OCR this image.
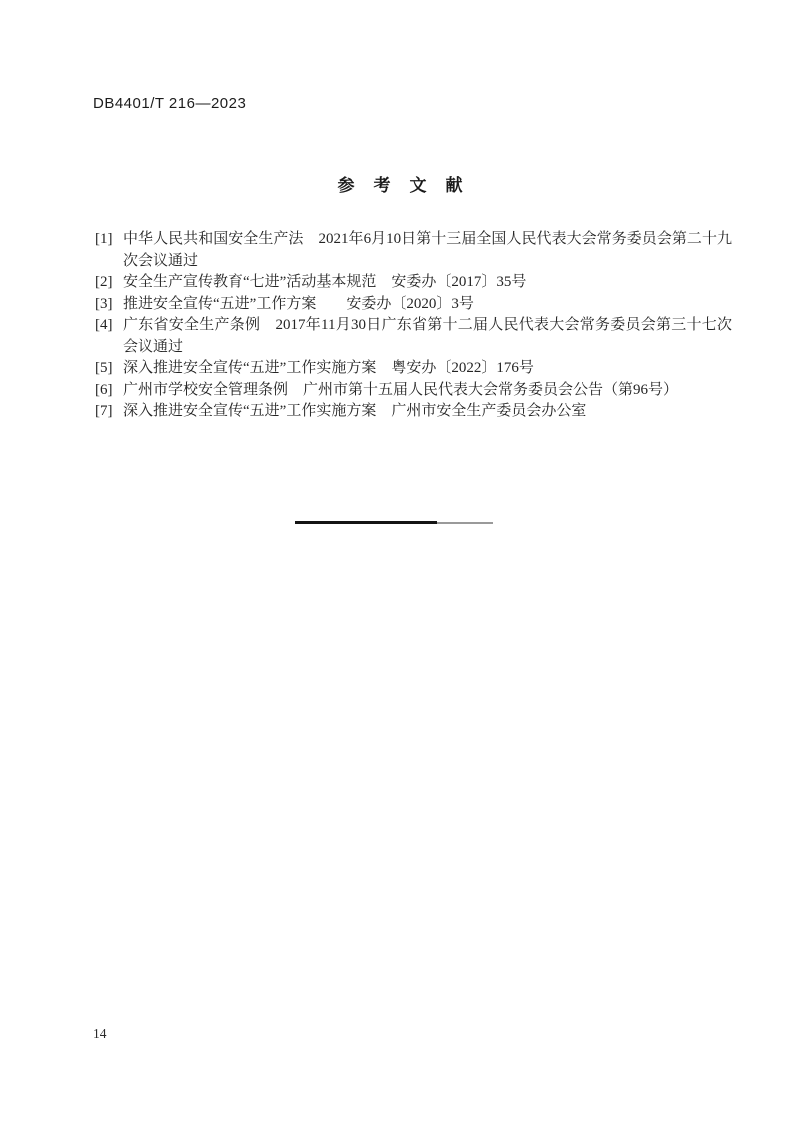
DB4401/T 216—2023
参考文献
[1] 中华人民共和国安全生产法　2021年6月10日第十三届全国人民代表大会常务委员会第二十九次会议通过
[2] 安全生产宣传教育“七进”活动基本规范　安委办〔2017〕35号
[3] 推进安全宣传“五进”工作方案　　安委办〔2020〕3号
[4] 广东省安全生产条例　2017年11月30日广东省第十二届人民代表大会常务委员会第三十七次会议通过
[5] 深入推进安全宣传“五进”工作实施方案　粤安办〔2022〕176号
[6] 广州市学校安全管理条例　广州市第十五届人民代表大会常务委员会公告（第96号）
[7] 深入推进安全宣传“五进”工作实施方案　广州市安全生产委员会办公室
14
